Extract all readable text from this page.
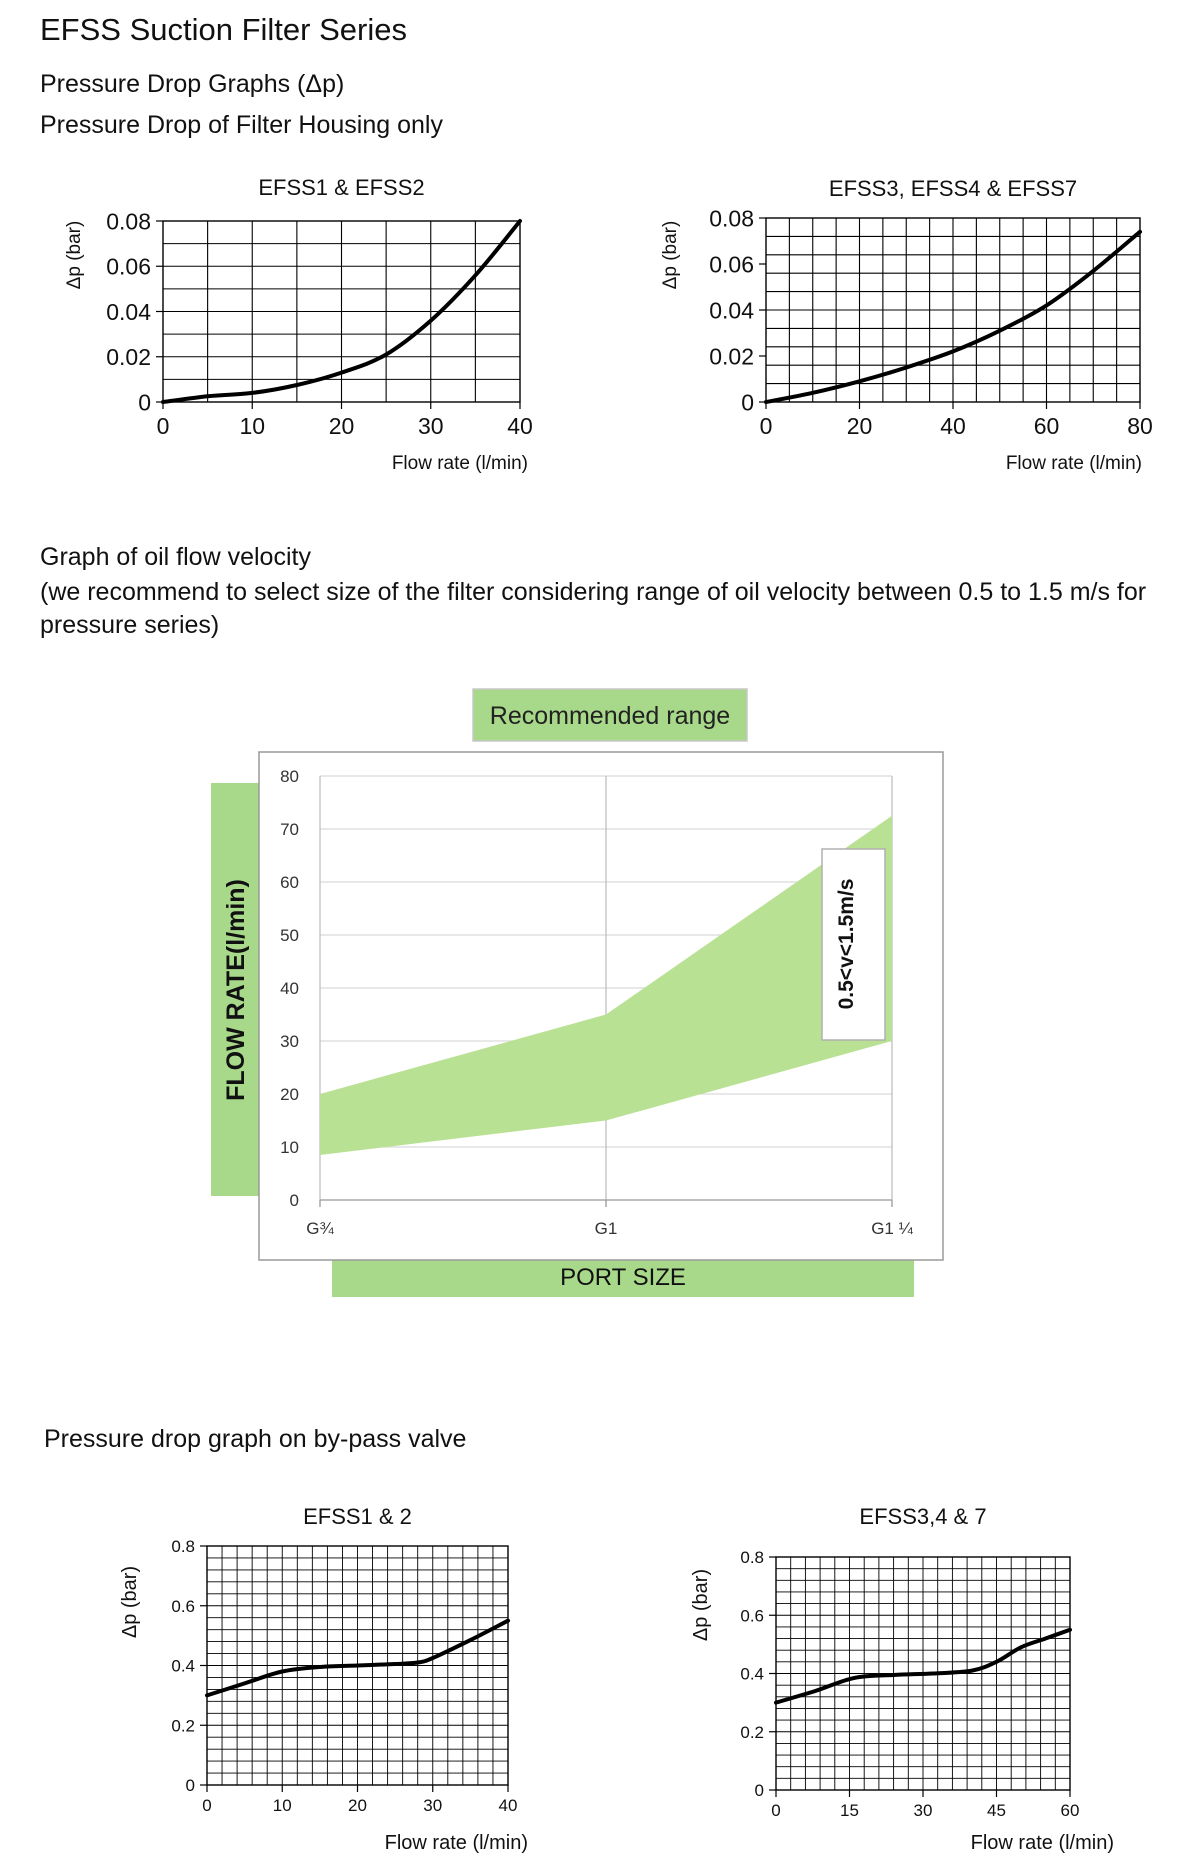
EFSS Suction Filter Series
Pressure Drop Graphs (Δp)
Pressure Drop of Filter Housing only
Graph of oil flow velocity
(we recommend to select size of the filter considering range of oil velocity between 0.5 to 1.5 m/s for pressure series)
Pressure drop graph on by-pass valve
0	10	20	30	40
0
0.02
0.04
0.06
0.08
EFSS1 & EFSS2
Flow rate (l/min)
Δp (bar)
0	20	40	60	80
0
0.02
0.04
0.06
0.08
EFSS3, EFSS4 & EFSS7
Flow rate (l/min)
Δp (bar)
0	10	20	30	40
0
0.2
0.4
0.6
0.8
EFSS1 & 2
Flow rate (l/min)
Δp (bar)
0	15	30	45	60
0
0.2
0.4
0.6
0.8
EFSS3,4 & 7
Flow rate (l/min)
Δp (bar)
Recommended range
0
10
20
30
40
50
60
70
80
G¾	G1	G1 ¼
0.5<v<1.5m/s
FLOW RATE(l/min)
PORT SIZE
